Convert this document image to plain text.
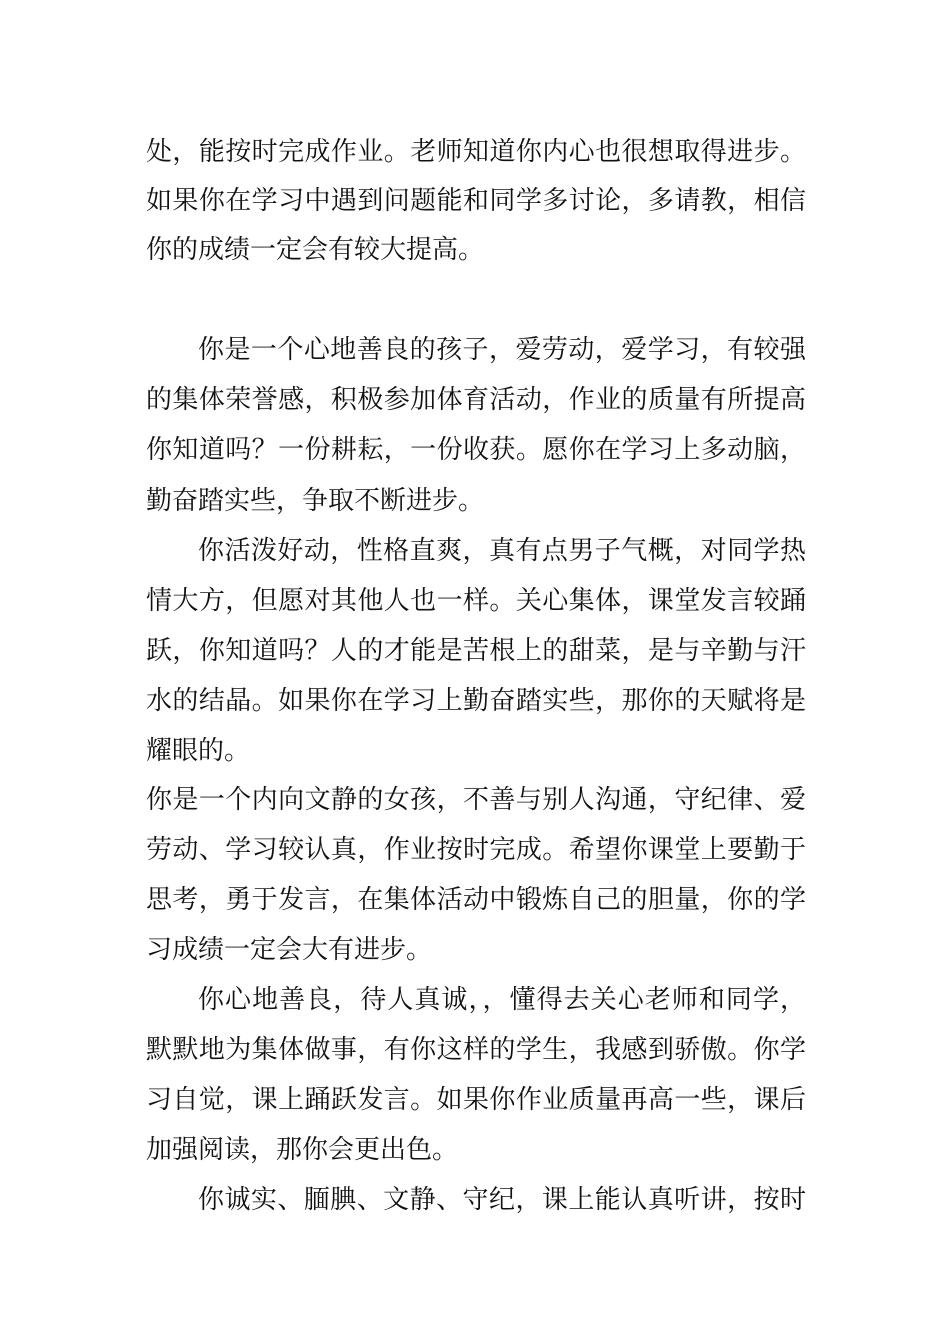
处，能按时完成作业。老师知道你内心也很想取得进步。

如果你在学习中遇到问题能和同学多讨论，多请教，相信

你的成绩一定会有较大提高。

你是一个心地善良的孩子，爱劳动，爱学习，有较强

的集体荣誉感，积极参加体育活动，作业的质量有所提高

你知道吗？一份耕耘，一份收获。愿你在学习上多动脑，

勤奋踏实些，争取不断进步。

你活泼好动，性格直爽，真有点男子气概，对同学热

情大方，但愿对其他人也一样。关心集体，课堂发言较踊

跃，你知道吗？人的才能是苦根上的甜菜，是与辛勤与汗

水的结晶。如果你在学习上勤奋踏实些，那你的天赋将是

耀眼的。

你是一个内向文静的女孩，不善与别人沟通，守纪律、爱

劳动、学习较认真，作业按时完成。希望你课堂上要勤于

思考，勇于发言，在集体活动中锻炼自己的胆量，你的学

习成绩一定会大有进步。

你心地善良，待人真诚，，懂得去关心老师和同学，

默默地为集体做事，有你这样的学生，我感到骄傲。你学

习自觉，课上踊跃发言。如果你作业质量再高一些，课后

加强阅读，那你会更出色。

你诚实、腼腆、文静、守纪，课上能认真听讲，按时
